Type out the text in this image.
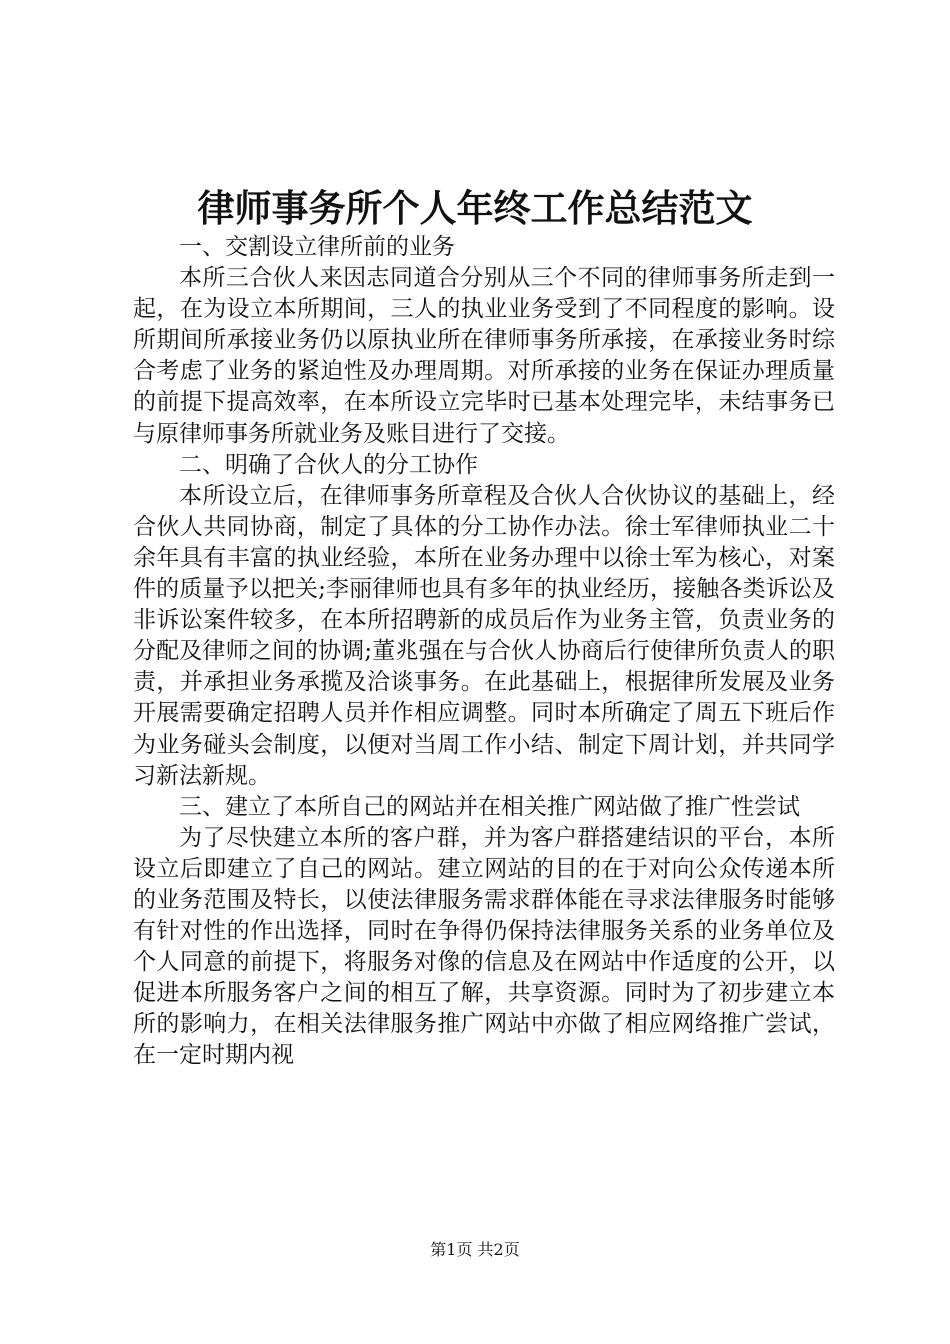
律师事务所个人年终工作总结范文

一、交割设立律所前的业务

本所三合伙人来因志同道合分别从三个不同的律师事务所走到一起，在为设立本所期间，三人的执业业务受到了不同程度的影响。设所期间所承接业务仍以原执业所在律师事务所承接，在承接业务时综合考虑了业务的紧迫性及办理周期。对所承接的业务在保证办理质量的前提下提高效率，在本所设立完毕时已基本处理完毕，未结事务已与原律师事务所就业务及账目进行了交接。

二、明确了合伙人的分工协作

本所设立后，在律师事务所章程及合伙人合伙协议的基础上，经合伙人共同协商，制定了具体的分工协作办法。徐士军律师执业二十余年具有丰富的执业经验，本所在业务办理中以徐士军为核心，对案件的质量予以把关;李丽律师也具有多年的执业经历，接触各类诉讼及非诉讼案件较多，在本所招聘新的成员后作为业务主管，负责业务的分配及律师之间的协调;董兆强在与合伙人协商后行使律所负责人的职责，并承担业务承揽及洽谈事务。在此基础上，根据律所发展及业务开展需要确定招聘人员并作相应调整。同时本所确定了周五下班后作为业务碰头会制度，以便对当周工作小结、制定下周计划，并共同学习新法新规。

三、建立了本所自己的网站并在相关推广网站做了推广性尝试

为了尽快建立本所的客户群，并为客户群搭建结识的平台，本所设立后即建立了自己的网站。建立网站的目的在于对向公众传递本所的业务范围及特长，以使法律服务需求群体能在寻求法律服务时能够有针对性的作出选择，同时在争得仍保持法律服务关系的业务单位及个人同意的前提下，将服务对像的信息及在网站中作适度的公开，以促进本所服务客户之间的相互了解，共享资源。同时为了初步建立本所的影响力，在相关法律服务推广网站中亦做了相应网络推广尝试，在一定时期内视

第1页 共2页
